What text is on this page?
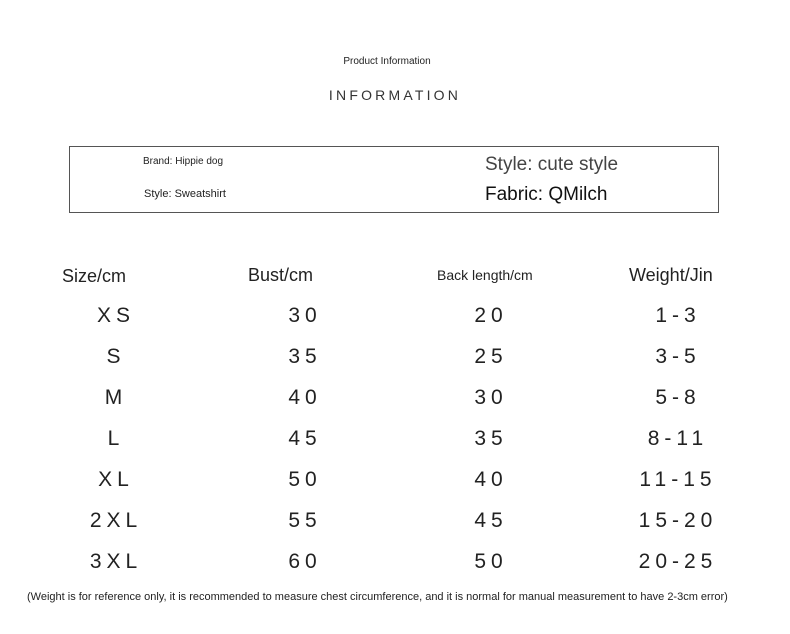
Product Information
INFORMATION
Brand: Hippie dog
Style: Sweatshirt
Style: cute style
Fabric: QMilch
Size/cm	Bust/cm	Back length/cm	Weight/Jin
XS	30	20	1-3
S	35	25	3-5
M	40	30	5-8
L	45	35	8-11
XL	50	40	11-15
2XL	55	45	15-20
3XL	60	50	20-25
(Weight is for reference only, it is recommended to measure chest circumference, and it is normal for manual measurement to have 2-3cm error)
